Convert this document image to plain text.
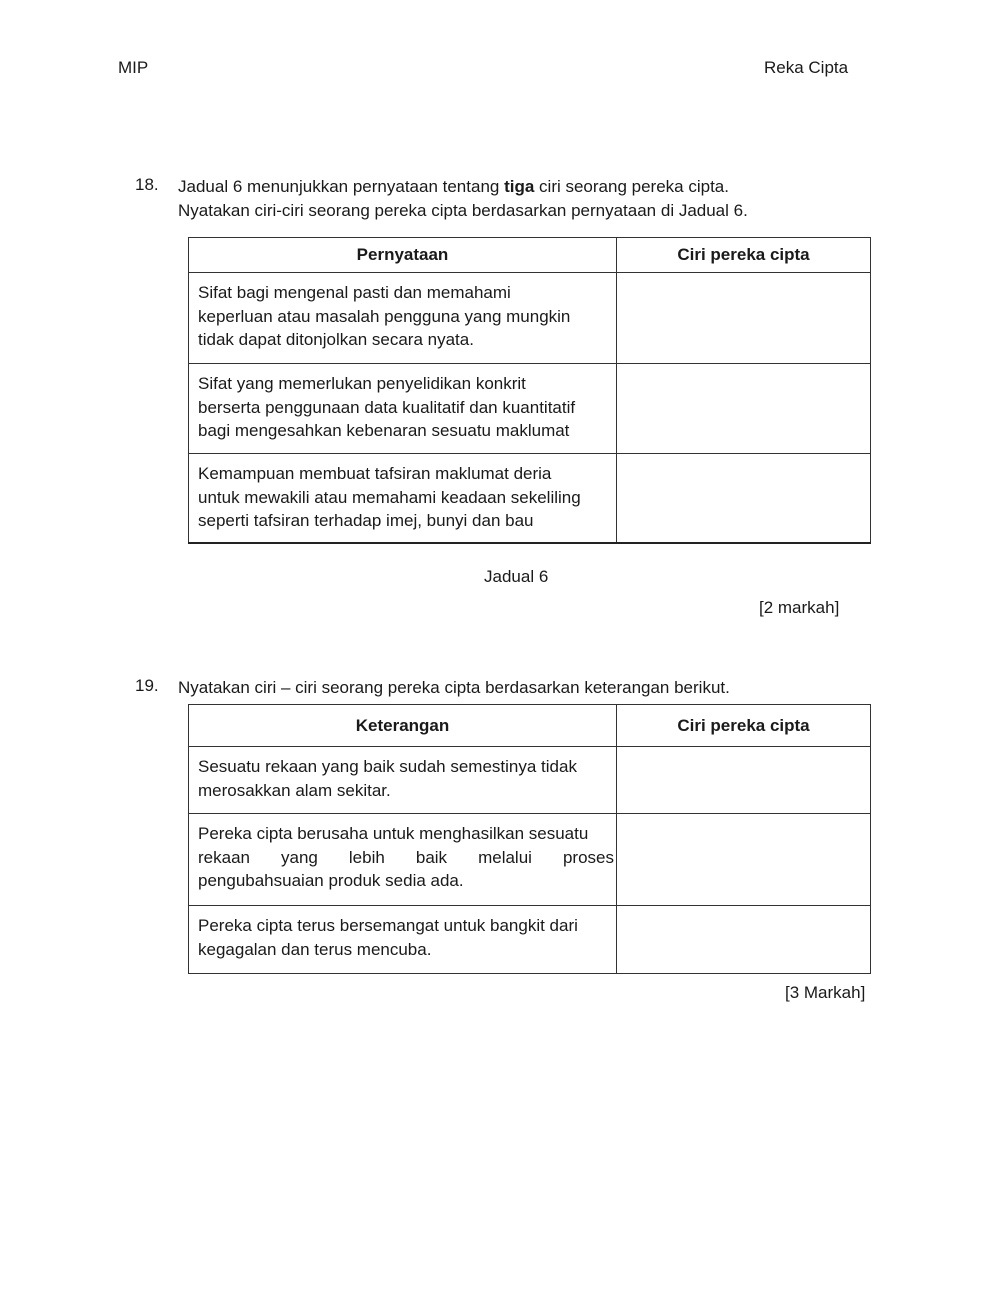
MIP	Reka Cipta
18. Jadual 6 menunjukkan pernyataan tentang tiga ciri seorang pereka cipta.
Nyatakan ciri-ciri seorang pereka cipta berdasarkan pernyataan di Jadual 6.
Pernyataan	Ciri pereka cipta

Sifat bagi mengenal pasti dan memahami
keperluan atau masalah pengguna yang mungkin
tidak dapat ditonjolkan secara nyata.	

Sifat yang memerlukan penyelidikan konkrit
berserta penggunaan data kualitatif dan kuantitatif
bagi mengesahkan kebenaran sesuatu maklumat	

Kemampuan membuat tafsiran maklumat deria
untuk mewakili atau memahami keadaan sekeliling
seperti tafsiran terhadap imej, bunyi dan bau	

Jadual 6
[2 markah]
19. Nyatakan ciri – ciri seorang pereka cipta berdasarkan keterangan berikut.
Keterangan	Ciri pereka cipta

Sesuatu rekaan yang baik sudah semestinya tidak
merosakkan alam sekitar.	

Pereka cipta berusaha untuk menghasilkan sesuatu
rekaan yang lebih baik melalui proses
pengubahsuaian produk sedia ada.	

Pereka cipta terus bersemangat untuk bangkit dari
kegagalan dan terus mencuba.	

[3 Markah]
